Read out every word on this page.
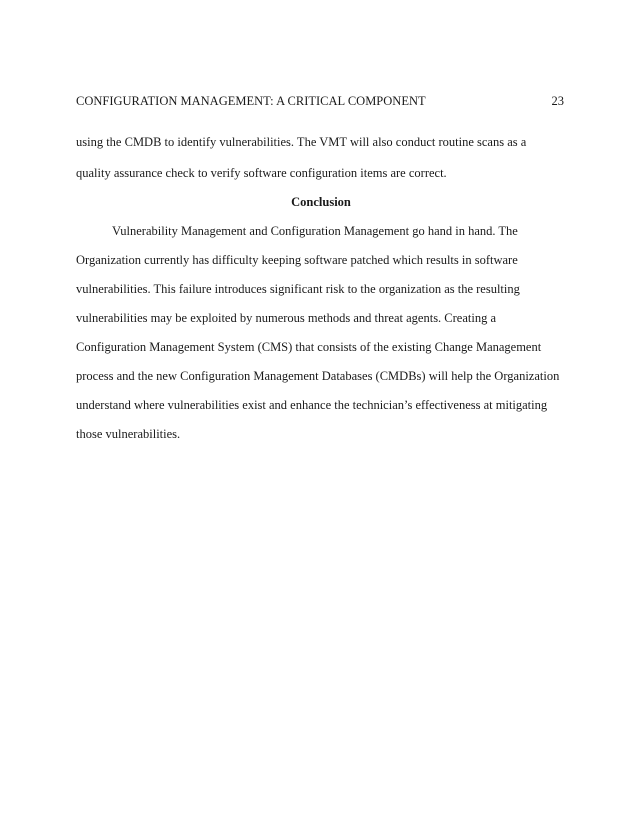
CONFIGURATION MANAGEMENT: A CRITICAL COMPONENT	23
using the CMDB to identify vulnerabilities. The VMT will also conduct routine scans as a
quality assurance check to verify software configuration items are correct.
Conclusion
Vulnerability Management and Configuration Management go hand in hand. The
Organization currently has difficulty keeping software patched which results in software
vulnerabilities. This failure introduces significant risk to the organization as the resulting
vulnerabilities may be exploited by numerous methods and threat agents. Creating a
Configuration Management System (CMS) that consists of the existing Change Management
process and the new Configuration Management Databases (CMDBs) will help the Organization
understand where vulnerabilities exist and enhance the technician’s effectiveness at mitigating
those vulnerabilities.
